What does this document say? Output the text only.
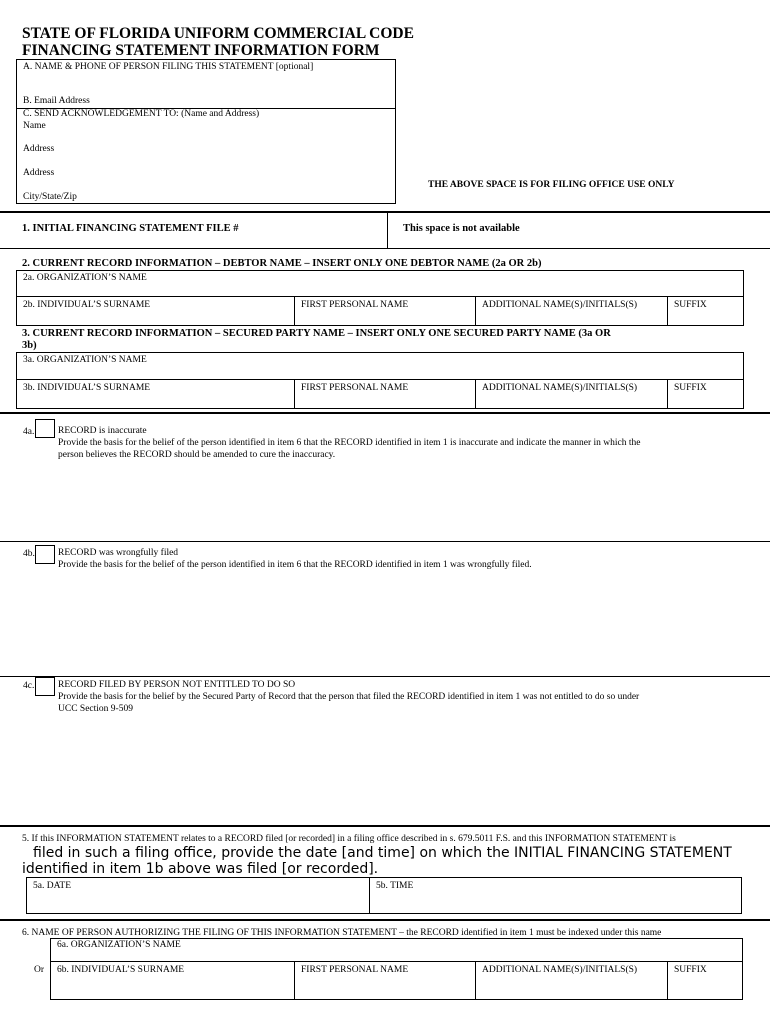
STATE OF FLORIDA UNIFORM COMMERCIAL CODE
FINANCING STATEMENT INFORMATION FORM
A. NAME & PHONE OF PERSON FILING THIS STATEMENT [optional]
B. Email Address
C. SEND ACKNOWLEDGEMENT TO: (Name and Address)
Name
Address
Address
City/State/Zip
THE ABOVE SPACE IS FOR FILING OFFICE USE ONLY
1. INITIAL FINANCING STATEMENT FILE #	This space is not available
2. CURRENT RECORD INFORMATION – DEBTOR NAME – INSERT ONLY ONE DEBTOR NAME (2a OR 2b)
2a. ORGANIZATION’S NAME
2b. INDIVIDUAL’S SURNAME	FIRST PERSONAL NAME	ADDITIONAL NAME(S)/INITIALS(S)	SUFFIX
3. CURRENT RECORD INFORMATION – SECURED PARTY NAME – INSERT ONLY ONE SECURED PARTY NAME (3a OR
3b)
3a. ORGANIZATION’S NAME
3b. INDIVIDUAL’S SURNAME	FIRST PERSONAL NAME	ADDITIONAL NAME(S)/INITIALS(S)	SUFFIX
4a. RECORD is inaccurate
Provide the basis for the belief of the person identified in item 6 that the RECORD identified in item 1 is inaccurate and indicate the manner in which the
person believes the RECORD should be amended to cure the inaccuracy.
4b. RECORD was wrongfully filed
Provide the basis for the belief of the person identified in item 6 that the RECORD identified in item 1 was wrongfully filed.
4c. RECORD FILED BY PERSON NOT ENTITLED TO DO SO
Provide the basis for the belief by the Secured Party of Record that the person that filed the RECORD identified in item 1 was not entitled to do so under
UCC Section 9-509
5. If this INFORMATION STATEMENT relates to a RECORD filed [or recorded] in a filing office described in s. 679.5011 F.S. and this INFORMATION STATEMENT is
filed in such a filing office, provide the date [and time] on which the INITIAL FINANCING STATEMENT
identified in item 1b above was filed [or recorded].
5a. DATE	5b. TIME
6. NAME OF PERSON AUTHORIZING THE FILING OF THIS INFORMATION STATEMENT – the RECORD identified in item 1 must be indexed under this name
6a. ORGANIZATION’S NAME
Or 6b. INDIVIDUAL’S SURNAME	FIRST PERSONAL NAME	ADDITIONAL NAME(S)/INITIALS(S)	SUFFIX
